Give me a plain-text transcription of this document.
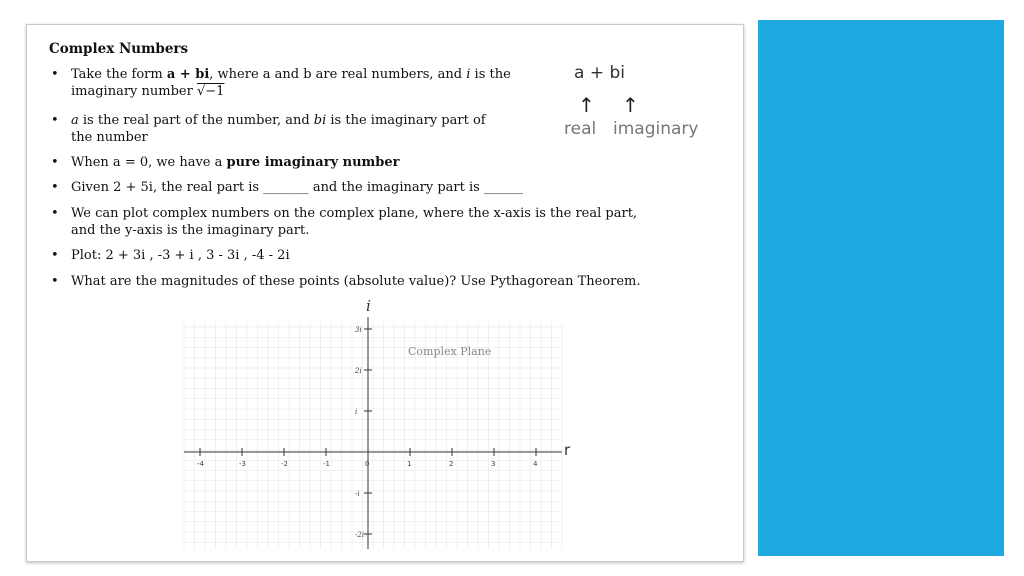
Complex Numbers
• Take the form a + bi, where a and b are real numbers, and i is the
imaginary number √−1
• a is the real part of the number, and bi is the imaginary part of
the number
• When a = 0, we have a pure imaginary number
• Given 2 + 5i, the real part is _______ and the imaginary part is ______
• We can plot complex numbers on the complex plane, where the x-axis is the real part,
and the y-axis is the imaginary part.
• Plot: 2 + 3i , -3 + i , 3 - 3i , -4 - 2i
• What are the magnitudes of these points (absolute value)? Use Pythagorean Theorem.
a + bi
↑ ↑
real imaginary
-4	-3	-2	-1	0	1	2	3	4
3i
2i
i
-i
-2i
r
i
Complex Plane
